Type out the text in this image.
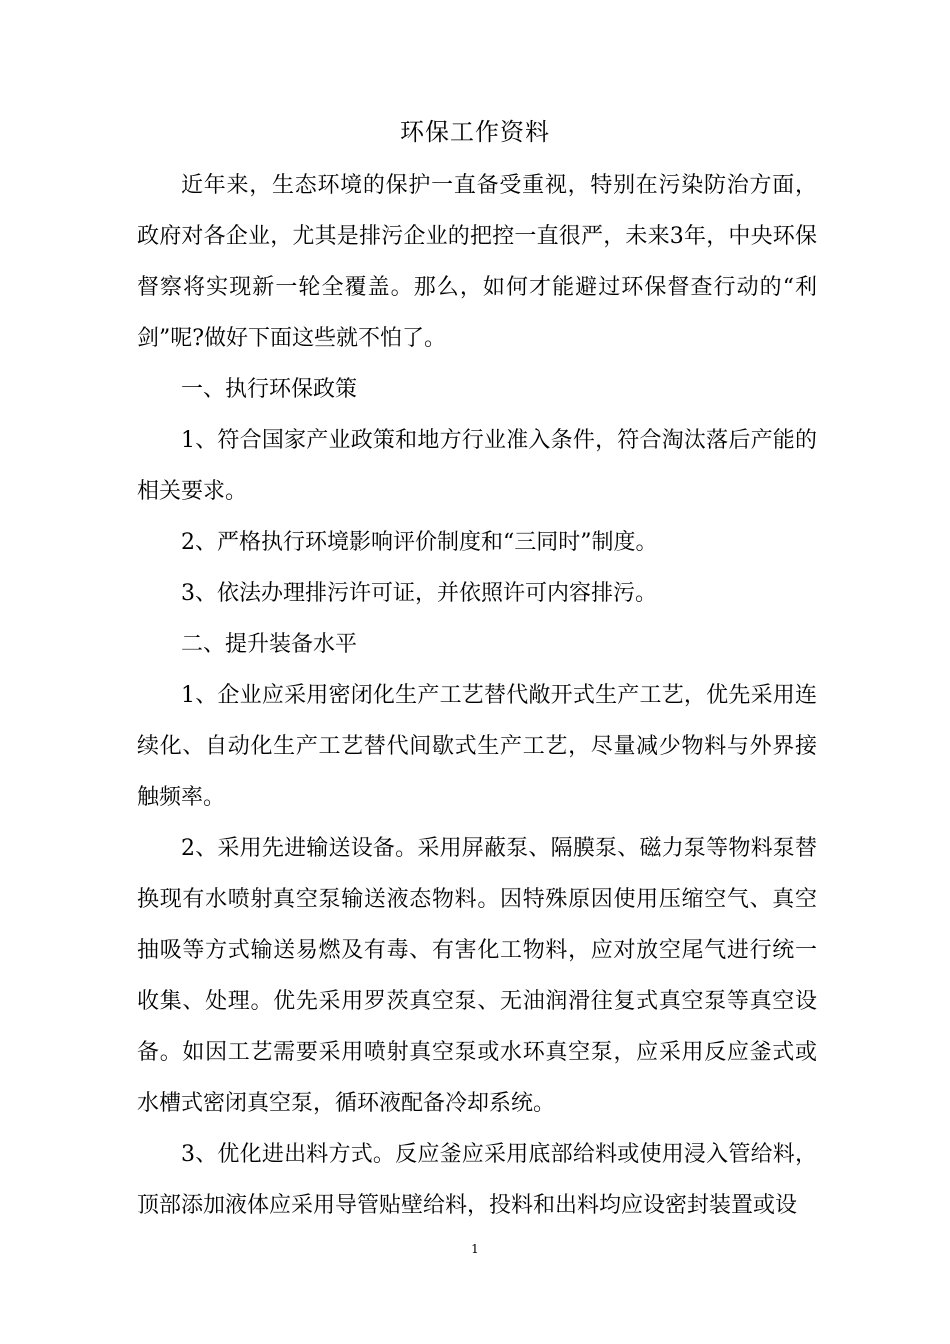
环保工作资料

近年来，生态环境的保护一直备受重视，特别在污染防治方面，政府对各企业，尤其是排污企业的把控一直很严，未来3年，中央环保督察将实现新一轮全覆盖。那么，如何才能避过环保督查行动的“利剑”呢?做好下面这些就不怕了。

一、执行环保政策

1、符合国家产业政策和地方行业准入条件，符合淘汰落后产能的相关要求。

2、严格执行环境影响评价制度和“三同时”制度。

3、依法办理排污许可证，并依照许可内容排污。

二、提升装备水平

1、企业应采用密闭化生产工艺替代敞开式生产工艺，优先采用连续化、自动化生产工艺替代间歇式生产工艺，尽量减少物料与外界接触频率。

2、采用先进输送设备。采用屏蔽泵、隔膜泵、磁力泵等物料泵替换现有水喷射真空泵输送液态物料。因特殊原因使用压缩空气、真空抽吸等方式输送易燃及有毒、有害化工物料，应对放空尾气进行统一收集、处理。优先采用罗茨真空泵、无油润滑往复式真空泵等真空设备。如因工艺需要采用喷射真空泵或水环真空泵，应采用反应釜式或水槽式密闭真空泵，循环液配备冷却系统。

3、优化进出料方式。反应釜应采用底部给料或使用浸入管给料，顶部添加液体应采用导管贴壁给料，投料和出料均应设密封装置或设

1
